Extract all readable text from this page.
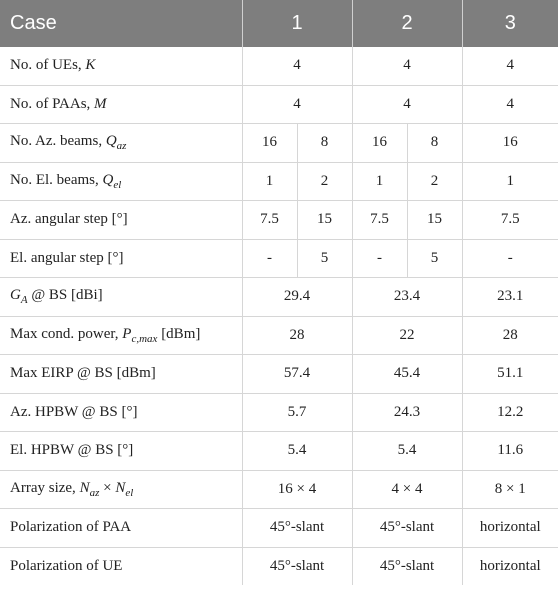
Case	1		2		3
No. of UEs, K	4		4		4
No. of PAAs, M	4		4		4
No. Az. beams, $Q_{az}$	16	8	16	8	16
No. El. beams, $Q_{el}$	1	2	1	2	1
Az. angular step [°]	7.5	15	7.5	15	7.5
El. angular step [°]	-	5	-	5	-
$G_A$ @ BS [dBi]	29.4		23.4		23.1
Max cond. power, $P_{c,max}$ [dBm]	28		22		28
Max EIRP @ BS [dBm]	57.4		45.4		51.1
Az. HPBW @ BS [°]	5.7		24.3		12.2
El. HPBW @ BS [°]	5.4		5.4		11.6
Array size, $N_{az} \times N_{el}$	16 × 4		4 × 4		8 × 1
Polarization of PAA	45°-slant		45°-slant		horizontal
Polarization of UE	45°-slant		45°-slant		horizontal
